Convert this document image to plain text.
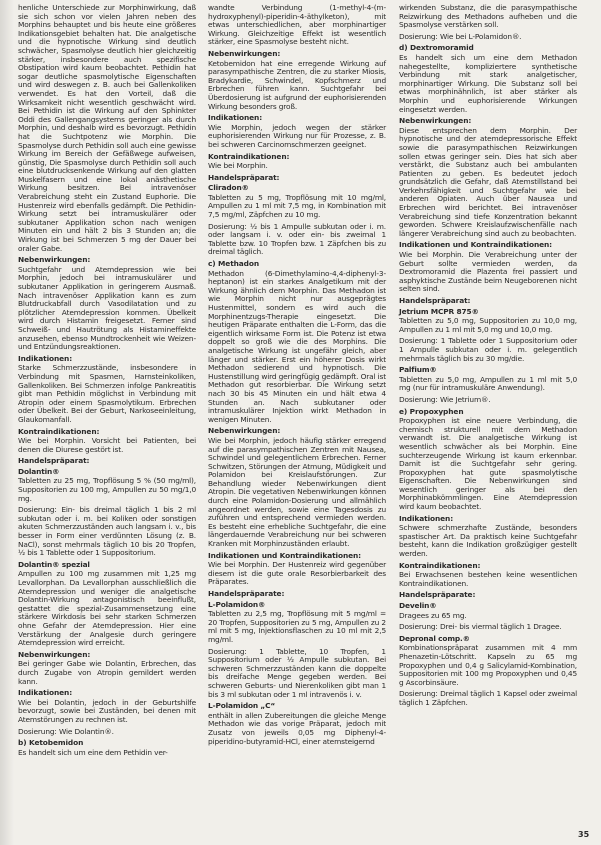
henliche Unterschiede zur Morphinwirkung, daß sie sich schon vor vielen Jahren neben des Morphins behauptet und bis heute eine größeres Indikationsgebiet behalten hat. Die analgetische und die hypnotische Wirkung sind deutlich schwächer, Spasmolyse deutlich hier gleichzeitig stärker, insbesondere auch spezifische Obstipation wird kaum beobachtet. Pethidin hat sogar deutliche spasmolytische Eigenschaften und wird deswegen z. B. auch bei Gallenkoliken verwendet. Es hat den Vorteil, daß die Wirksamkeit nicht wesentlich geschwächt wird. Bei Pethidin ist die Wirkung auf den Sphinkter Oddi des Gallengangsystems geringer als durch Morphin, und deshalb wird es bevorzugt. Pethidin hat die Suchtpotenz wie Morphin. Die Spasmolyse durch Pethidin soll auch eine gewisse Wirkung im Bereich der Gefäßwege aufweisen, günstig, Die Spasmolyse durch Pethidin soll auch eine blutdrucksenkende Wirkung auf den glatten Muskelfasern und eine lokal anästhetische Wirkung besitzen. Bei intravenöser Verabreichung steht ein Zustand Euphorie. Die Hustenreiz wird ebenfalls gedämpft. Die Pethidin-Wirkung setzt bei intramuskulärer oder subkutaner Applikation schon nach wenigen Minuten ein und hält 2 bis 3 Stunden an; die Wirkung ist bei Schmerzen 5 mg der Dauer bei oraler Gabe.
Nebenwirkungen:
Suchtgefahr und Atemdepression wie bei Morphin, jedoch bei intramuskulärer und subkutaner Applikation in geringerem Ausmaß. Nach intravenöser Applikation kann es zum Blutdruckabfall durch Vasodilatation und zu plötzlicher Atemdepression kommen. Übelkeit wird durch Histamin freigesetzt. Ferner sind Schweiß- und Hautrötung als Histamineffekte anzusehen, ebenso Mundtrockenheit wie Weizen- und Entzündungsreaktionen.
Indikationen:
Starke Schmerzzustände, insbesondere in Verbindung mit Spasmen, Harnsteinkoliken, Gallenkoliken. Bei Schmerzen infolge Pankreatitis gibt man Pethidin möglichst in Verbindung mit Atropin oder einem Spasmolytikum. Erbrechen oder Übelkeit. Bei der Geburt, Narkoseeinleitung, Glaukomanfall.
Kontraindikationen:
Wie bei Morphin. Vorsicht bei Patienten, bei denen die Diurese gestört ist.
Handelspräparat:
Dolantin®
Tabletten zu 25 mg, Tropflösung 5 % (50 mg/ml), Suppositorien zu 100 mg, Ampullen zu 50 mg/1,0 mg.
Dosierung: Ein- bis dreimal täglich 1 bis 2 ml subkutan oder i. m. bei Koliken oder sonstigen akuten Schmerzzuständen auch langsam i. v., bis besser in Form einer verdünnten Lösung (z. B. NaCl), sonst mehrmals täglich 10 bis 20 Tropfen, ½ bis 1 Tablette oder 1 Suppositorium.
Dolantin® spezial
Ampullen zu 100 mg zusammen mit 1,25 mg Levallorphan. Da Levallorphan ausschließlich die Atemdepression und weniger die analgetische Dolantin-Wirkung antagonistisch beeinflußt, gestattet die spezial-Zusammensetzung eine stärkere Wirkdosis bei sehr starken Schmerzen ohne Gefahr der Atemdepression. Hier eine Verstärkung der Analgesie durch geringere Atemdepression wird erreicht.
Nebenwirkungen:
Bei geringer Gabe wie Dolantin, Erbrechen, das durch Zugabe von Atropin gemildert werden kann.
Indikationen:
Wie bei Dolantin, jedoch in der Geburtshilfe bevorzugt, sowie bei Zuständen, bei denen mit Atemstörungen zu rechnen ist.
Dosierung: Wie Dolantin®.
b) Ketobemidon
Es handelt sich um eine dem Pethidin ver-
wandte Verbindung (1-methyl-4-(m-hydroxyphenyl)-piperidin-4-äthylketon), mit etwas unterschiedlichen, aber morphinartiger Wirkung. Gleichzeitige Effekt ist wesentlich stärker, eine Spasmolyse besteht nicht.
Nebenwirkungen:
Ketobemidon hat eine erregende Wirkung auf parasympathische Zentren, die zu starker Miosis, Bradykardie, Schwindel, Kopfschmerz und Erbrechen führen kann. Suchtgefahr bei Überdosierung ist aufgrund der euphorisierenden Wirkung besonders groß.
Indikationen:
Wie Morphin, jedoch wegen der stärker euphorisierenden Wirkung nur für Prozesse, z. B. bei schweren Carcinomschmerzen geeignet.
Kontraindikationen:
Wie bei Morphin.
Handelspräparat:
Cliradon®
Tabletten zu 5 mg, Tropflösung mit 10 mg/ml, Ampullen zu 1 ml mit 7,5 mg, in Kombination mit 7,5 mg/ml, Zäpfchen zu 10 mg.
Dosierung: ½ bis 1 Ampulle subkutan oder i. m. oder langsam i. v. oder ein- bis zweimal 1 Tablette bzw. 10 Tropfen bzw. 1 Zäpfchen bis zu dreimal täglich.
c) Methadon
Methadon (6-Dimethylamino-4,4-diphenyl-3-heptanon) ist ein starkes Analgetikum mit der Wirkung ähnlich dem Morphin. Das Methadon ist wie Morphin nicht nur ausgeprägtes Hustenmittel, sondern es wird auch die Morphinentzugs-Therapie eingesetzt. Die heutigen Präparate enthalten die L-Form, das die eigentlich wirksame Form ist. Die Potenz ist etwa doppelt so groß wie die des Morphins. Die analgetische Wirkung ist ungefähr gleich, aber länger und stärker. Erst ein höherer Dosis wirkt Methadon sedierend und hypnotisch. Die Hustenstillung wird geringfügig gedämpft. Oral ist Methadon gut resorbierbar. Die Wirkung setzt nach 30 bis 45 Minuten ein und hält etwa 4 Stunden an. Nach subkutaner oder intramuskulärer Injektion wirkt Methadon in wenigen Minuten.
Nebenwirkungen:
Wie bei Morphin, jedoch häufig stärker erregend auf die parasympathischen Zentren mit Nausea, Schwindel und gelegentlichem Erbrechen. Ferner Schwitzen, Störungen der Atmung, Müdigkeit und Polamidon bei Kreislaufstörungen. Zur Behandlung wieder Nebenwirkungen dient Atropin. Die vegetativen Nebenwirkungen können durch eine Polamidon-Dosierung und allmählich angeordnet werden, sowie eine Tagesdosis zu zuführen und entsprechend vermieden werden. Es besteht eine erhebliche Suchtgefahr, die eine längerdauernde Verabreichung nur bei schweren Kranken mit Morphinzuständen erlaubt.
Indikationen und Kontraindikationen:
Wie bei Morphin. Der Hustenreiz wird gegenüber diesem ist die gute orale Resorbierbarkeit des Präparates.
Handelspräparate:
L-Polamidon®
Tabletten zu 2,5 mg, Tropflösung mit 5 mg/ml = 20 Tropfen, Suppositorien zu 5 mg, Ampullen zu 2 ml mit 5 mg, Injektionsflaschen zu 10 ml mit 2,5 mg/ml.
Dosierung: 1 Tablette, 10 Tropfen, 1 Suppositorium oder ½ Ampulle subkutan. Bei schweren Schmerzzuständen kann die doppelte bis dreifache Menge gegeben werden. Bei schweren Geburts- und Nierenkoliken gibt man 1 bis 3 ml subkutan oder 1 ml intravenös i. v.
L-Polamidon „C“
enthält in allen Zubereitungen die gleiche Menge Methadon wie das vorige Präparat, jedoch mit Zusatz von jeweils 0,05 mg Diphenyl-4-piperidino-butyramid-HCl, einer atemsteigernd
wirkenden Substanz, die die parasympathische Reizwirkung des Methadons aufheben und die Spasmolyse verstärken soll.
Dosierung: Wie bei L-Polamidon®.
d) Dextromoramid
Es handelt sich um eine dem Methadon nahegestellte, kompliziertere synthetische Verbindung mit stark analgetischer, morphinartiger Wirkung. Die Substanz soll bei etwas morphinähnlich, ist aber stärker als Morphin und euphorisierende Wirkungen eingesetzt werden.
Nebenwirkungen:
Diese entsprechen dem Morphin. Der hypnotische und der atemdepressorische Effekt sowie die parasympathischen Reizwirkungen sollen etwas geringer sein. Dies hat sich aber verstärkt, die Substanz auch bei ambulanten Patienten zu geben. Es bedeutet jedoch grundsätzlich die Gefahr, daß Atemstillstand bei Verkehrsfähigkeit und Suchtgefahr wie bei anderen Opiaten. Auch über Nausea und Erbrechen wird berichtet. Bei intravenöser Verabreichung sind tiefe Konzentration bekannt geworden. Schwere Kreislaufzwischenfälle nach längerer Verabreichung sind auch zu beobachten.
Indikationen und Kontraindikationen:
Wie bei Morphin. Die Verabreichung unter der Geburt sollte vermieden werden, da Dextromoramid die Plazenta frei passiert und asphyktische Zustände beim Neugeborenen nicht selten sind.
Handelspräparat:
Jetrium MCPR 875®
Tabletten zu 5,0 mg, Suppositorien zu 10,0 mg, Ampullen zu 1 ml mit 5,0 mg und 10,0 mg.
Dosierung: 1 Tablette oder 1 Suppositorium oder 1 Ampulle subkutan oder i. m. gelegentlich mehrmals täglich bis zu 30 mg/die.
Palfium®
Tabletten zu 5,0 mg, Ampullen zu 1 ml mit 5,0 mg (nur für intramuskuläre Anwendung).
Dosierung: Wie Jetrium®.
e) Propoxyphen
Propoxyphen ist eine neuere Verbindung, die chemisch strukturell mit dem Methadon verwandt ist. Die analgetische Wirkung ist wesentlich schwächer als bei Morphin. Eine suchterzeugende Wirkung ist kaum erkennbar. Damit ist die Suchtgefahr sehr gering. Propoxyphen hat gute spasmolytische Eigenschaften. Die Nebenwirkungen sind wesentlich geringer als bei den Morphinabkömmlingen. Eine Atemdepression wird kaum beobachtet.
Indikationen:
Schwere schmerzhafte Zustände, besonders spastischer Art. Da praktisch keine Suchtgefahr besteht, kann die Indikation großzügiger gestellt werden.
Kontraindikationen:
Bei Erwachsenen bestehen keine wesentlichen Kontraindikationen.
Handelspräparate:
Develin®
Dragees zu 65 mg.
Dosierung: Drei- bis viermal täglich 1 Dragee.
Depronal comp.®
Kombinationspräparat zusammen mit 4 mm Phenazetin-Lötschritt. Kapseln zu 65 mg Propoxyphen und 0,4 g Salicylamid-Kombination, Suppositorien mit 100 mg Propoxyphen und 0,45 g Ascorbinsäure.
Dosierung: Dreimal täglich 1 Kapsel oder zweimal täglich 1 Zäpfchen.
35
